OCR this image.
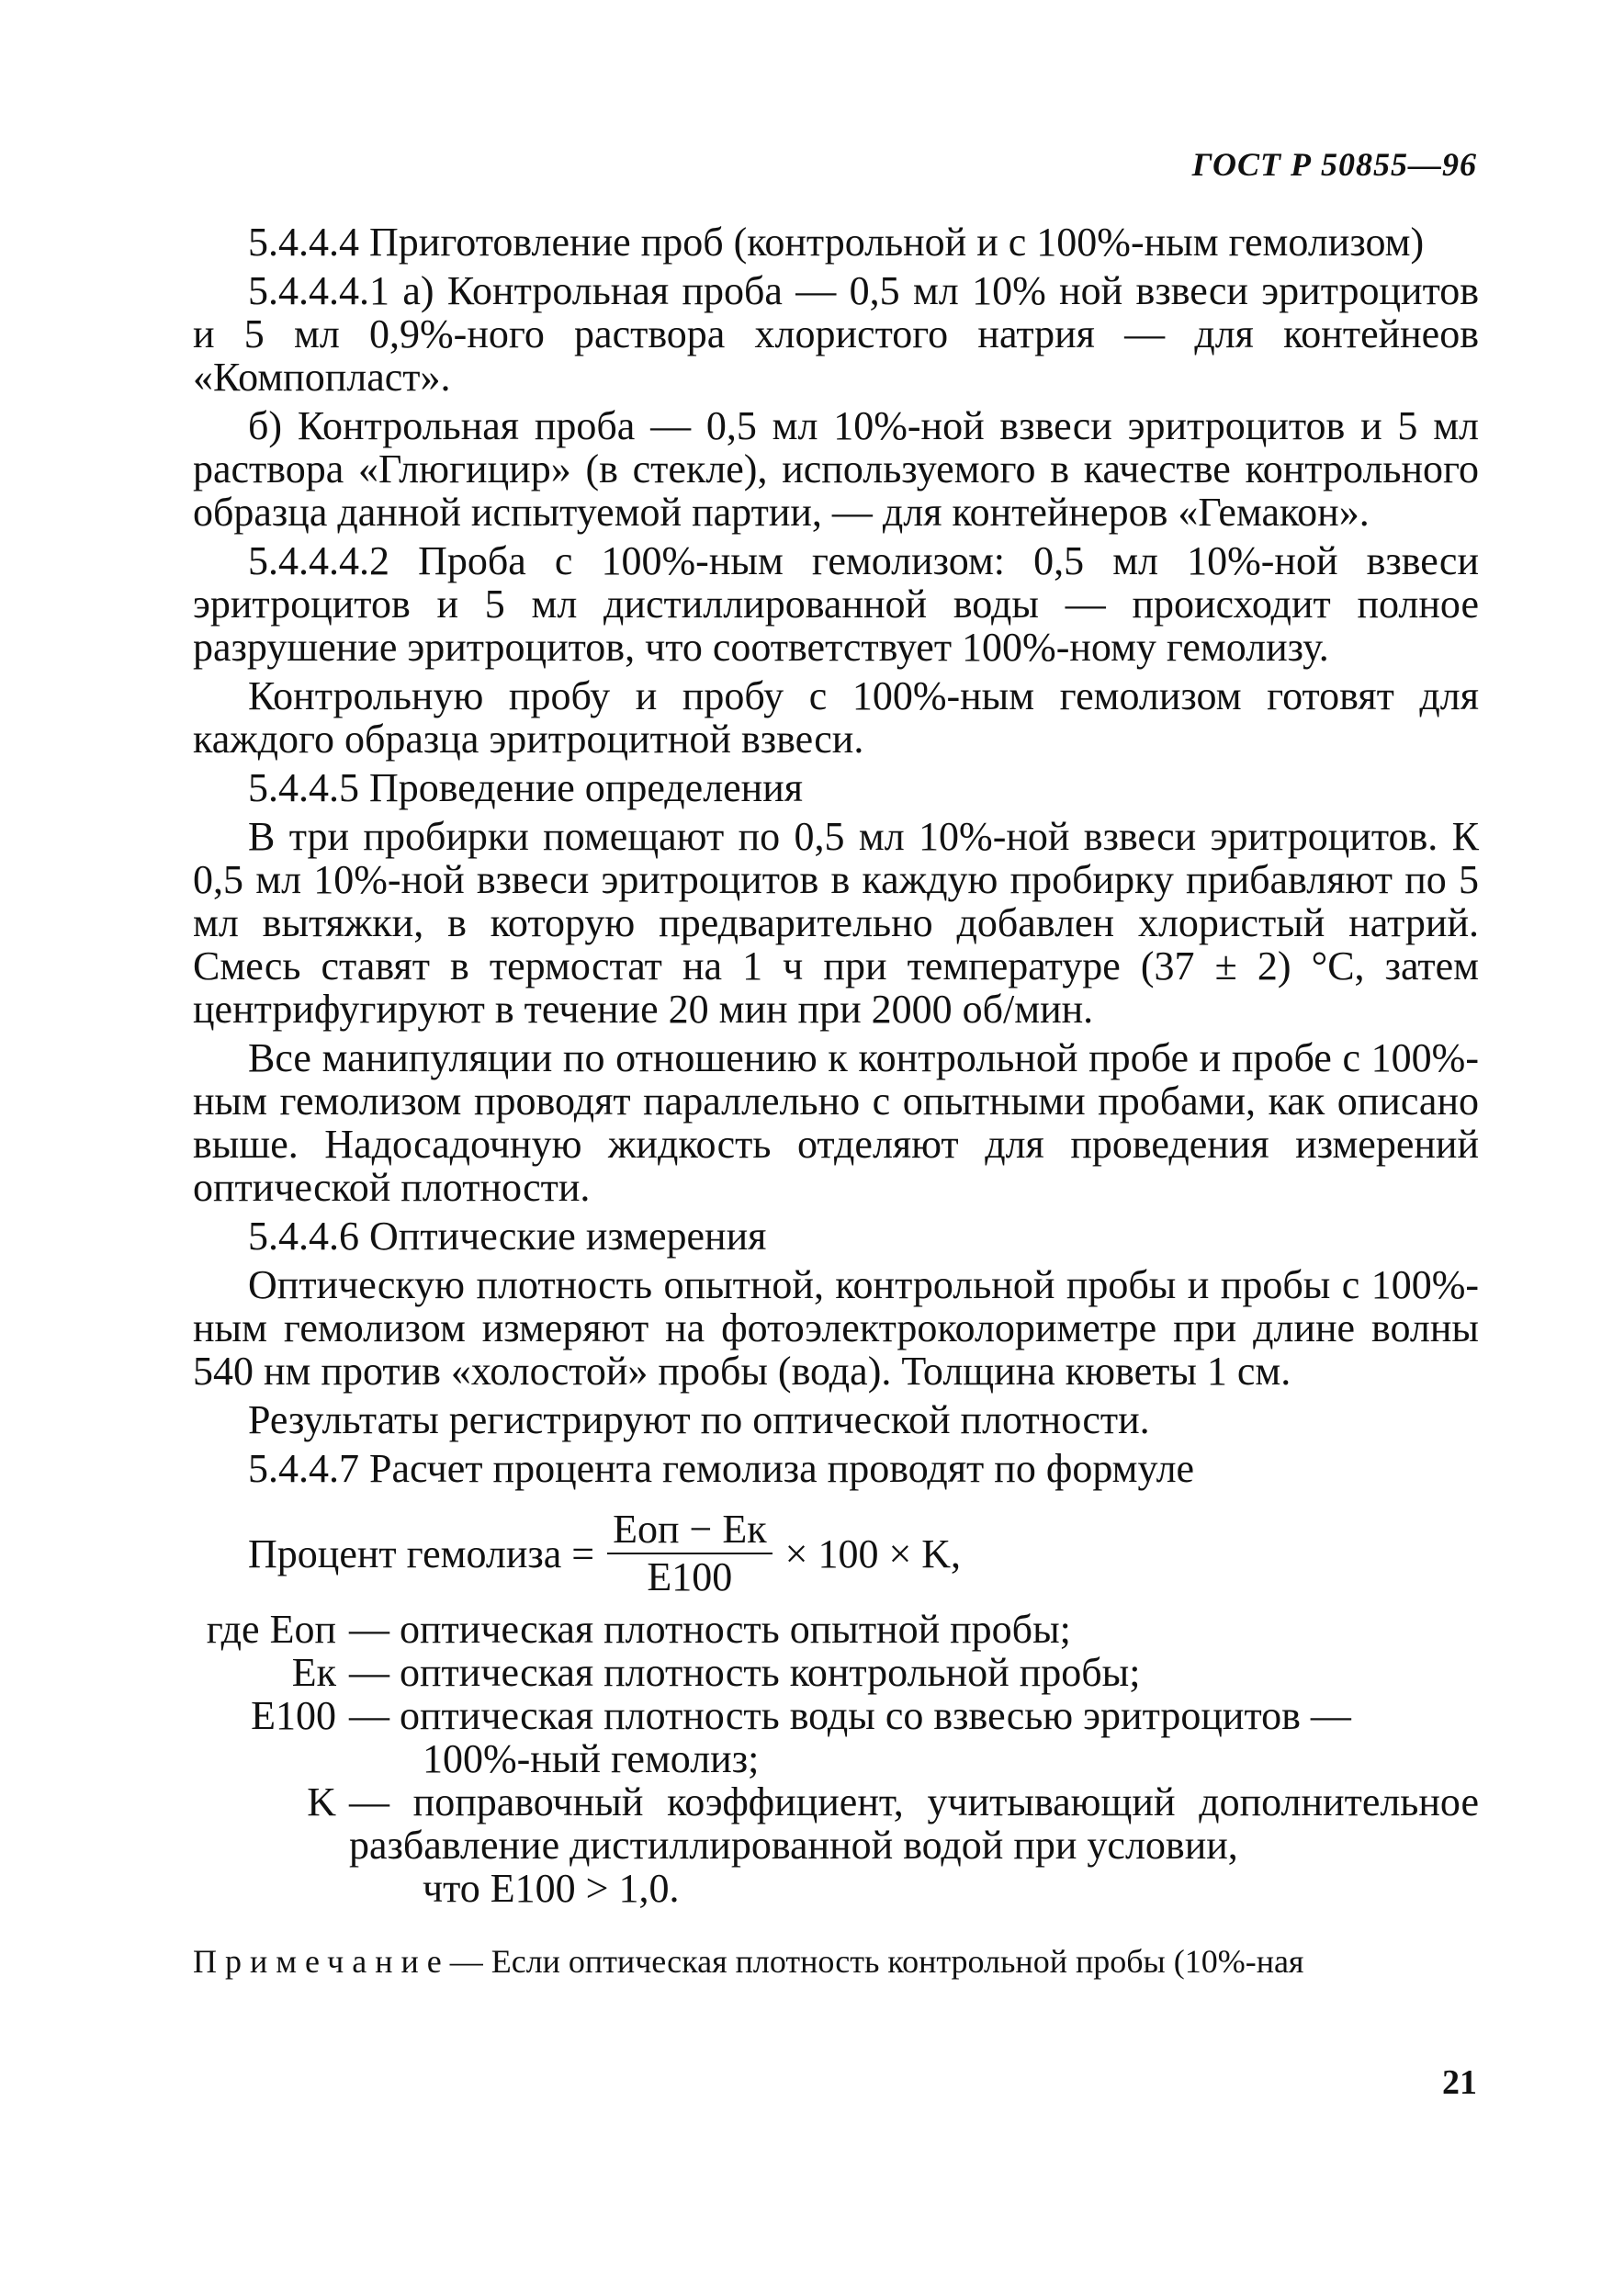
ГОСТ Р 50855—96

5.4.4.4 Приготовление проб (контрольной и с 100%-ным гемолизом)

5.4.4.4.1 а) Контрольная проба — 0,5 мл 10% ной взвеси эритроцитов и 5 мл 0,9%-ного раствора хлористого натрия — для контейнеов «Компопласт».

б) Контрольная проба — 0,5 мл 10%-ной взвеси эритроцитов и 5 мл раствора «Глюгицир» (в стекле), используемого в качестве контрольного образца данной испытуемой партии, — для контейнеров «Гемакон».

5.4.4.4.2 Проба с 100%-ным гемолизом: 0,5 мл 10%-ной взвеси эритроцитов и 5 мл дистиллированной воды — происходит полное разрушение эритроцитов, что соответствует 100%-ному гемолизу.

Контрольную пробу и пробу с 100%-ным гемолизом готовят для каждого образца эритроцитной взвеси.

5.4.4.5 Проведение определения

В три пробирки помещают по 0,5 мл 10%-ной взвеси эритроцитов. К 0,5 мл 10%-ной взвеси эритроцитов в каждую пробирку прибавляют по 5 мл вытяжки, в которую предварительно добавлен хлористый натрий. Смесь ставят в термостат на 1 ч при температуре (37 ± 2) °С, затем центрифугируют в течение 20 мин при 2000 об/мин.

Все манипуляции по отношению к контрольной пробе и пробе с 100%-ным гемолизом проводят параллельно с опытными пробами, как описано выше. Надосадочную жидкость отделяют для проведения измерений оптической плотности.

5.4.4.6 Оптические измерения

Оптическую плотность опытной, контрольной пробы и пробы с 100%-ным гемолизом измеряют на фотоэлектроколориметре при длине волны 540 нм против «холостой» пробы (вода). Толщина кюветы 1 см.

Результаты регистрируют по оптической плотности.

5.4.4.7 Расчет процента гемолиза проводят по формуле

Процент гемолиза = $\frac{\text{Eоп − Eк}}{E100} \times 100 \times K$,
где Eоп — оптическая плотность опытной пробы;
Eк — оптическая плотность контрольной пробы;
E100 — оптическая плотность воды со взвесью эритроцитов —
100%-ный гемолиз;
K — поправочный коэффициент, учитывающий дополнительное разбавление дистиллированной водой при условии,
что E100 > 1,0.

Примечание— Если оптическая плотность контрольной пробы (10%-ная

21
